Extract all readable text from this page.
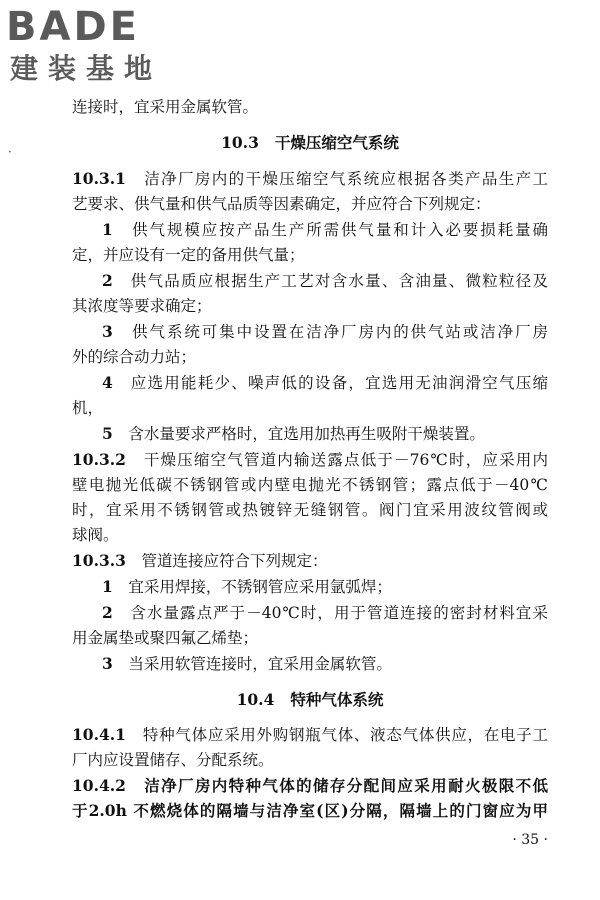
BADE
建装基地
连接时，宜采用金属软管。
10.3 干燥压缩空气系统
10.3.1　 洁净厂房内的干燥压缩空气系统应根据各类产品生产工
艺要求、供气量和供气品质等因素确定，并应符合下列规定：
1　 供气规模应按产品生产所需供气量和计入必要损耗量确
定，并应设有一定的备用供气量；
2　 供气品质应根据生产工艺对含水量、含油量、微粒粒径及
其浓度等要求确定；
3　 供气系统可集中设置在洁净厂房内的供气站或洁净厂房
外的综合动力站；
4　 应选用能耗少、噪声低的设备，宜选用无油润滑空气压缩
机，
5　 含水量要求严格时，宜选用加热再生吸附干燥装置。
10.3.2　 干燥压缩空气管道内输送露点低于－76℃时，应采用内
壁电抛光低碳不锈钢管或内壁电抛光不锈钢管；露点低于－40℃
时，宜采用不锈钢管或热镀锌无缝钢管。阀门宜采用波纹管阀或
球阀。
10.3.3　 管道连接应符合下列规定：
1　 宜采用焊接，不锈钢管应采用氩弧焊；
2　 含水量露点严于－40℃时，用于管道连接的密封材料宜采
用金属垫或聚四氟乙烯垫；
3　 当采用软管连接时，宜采用金属软管。
10.4 特种气体系统
10.4.1　 特种气体应采用外购钢瓶气体、液态气体供应，在电子工
厂内应设置储存、分配系统。
10.4.2　 洁净厂房内特种气体的储存分配间应采用耐火极限不低
于2.0h 不燃烧体的隔墙与洁净室(区)分隔，隔墙上的门窗应为甲
· 35 ·
·
